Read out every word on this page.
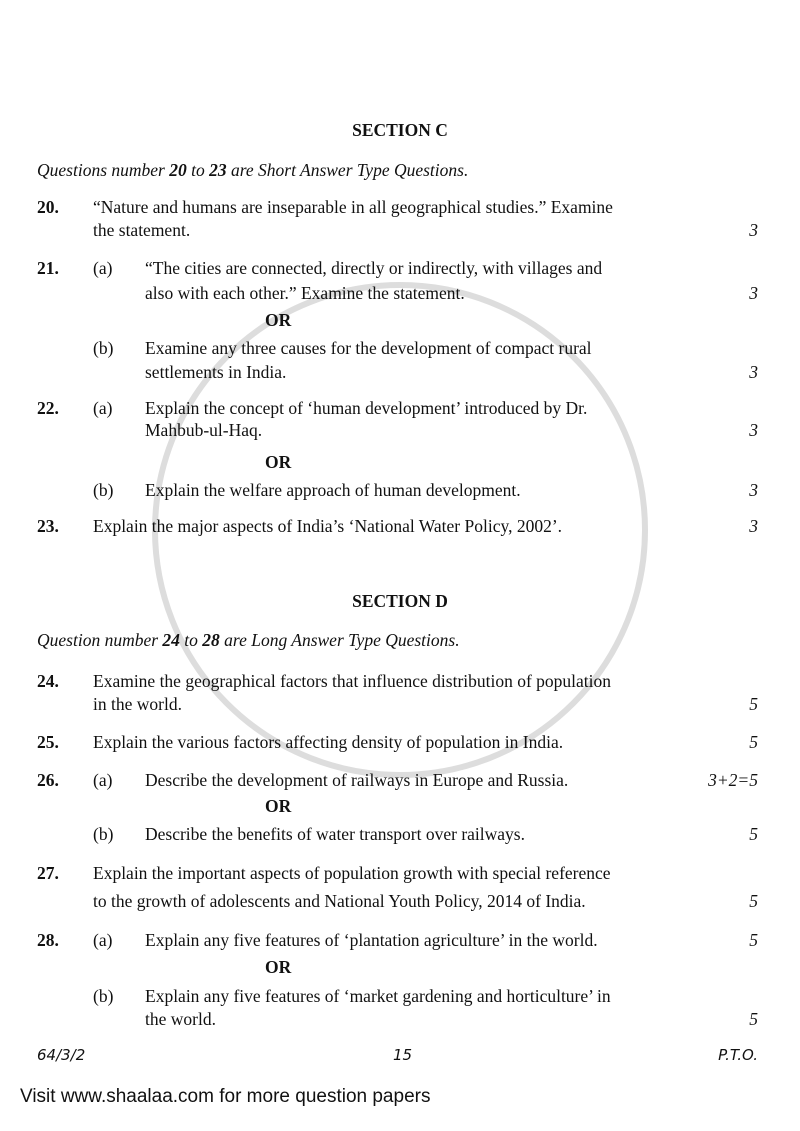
SECTION C
Questions number 20 to 23 are Short Answer Type Questions.
20. “Nature and humans are inseparable in all geographical studies.” Examine
the statement.	3
21. (a) “The cities are connected, directly or indirectly, with villages and
also with each other.” Examine the statement.	3
OR
(b) Examine any three causes for the development of compact rural
settlements in India.	3
22. (a) Explain the concept of ‘human development’ introduced by Dr.
Mahbub-ul-Haq.	3
OR
(b) Explain the welfare approach of human development.	3
23. Explain the major aspects of India’s ‘National Water Policy, 2002’.	3
SECTION D
Question number 24 to 28 are Long Answer Type Questions.
24. Examine the geographical factors that influence distribution of population
in the world.	5
25. Explain the various factors affecting density of population in India.	5
26. (a) Describe the development of railways in Europe and Russia.	3+2=5
OR
(b) Describe the benefits of water transport over railways.	5
27. Explain the important aspects of population growth with special reference
to the growth of adolescents and National Youth Policy, 2014 of India.	5
28. (a) Explain any five features of ‘plantation agriculture’ in the world.	5
OR
(b) Explain any five features of ‘market gardening and horticulture’ in
the world.	5
64/3/2	15	P.T.O.
Visit www.shaalaa.com for more question papers
